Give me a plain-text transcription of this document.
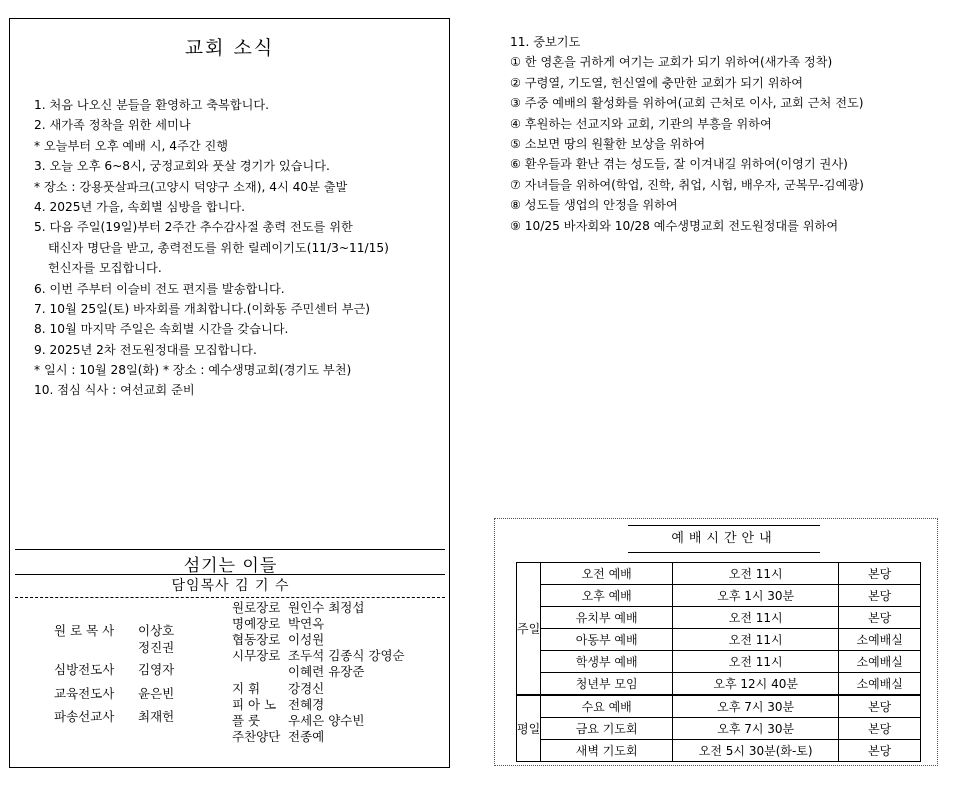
교회 소식
1. 처음 나오신 분들을 환영하고 축복합니다.
2. 새가족 정착을 위한 세미나
* 오늘부터 오후 예배 시, 4주간 진행
3. 오늘 오후 6~8시, 궁정교회와 풋살 경기가 있습니다.
* 장소 : 강용풋살파크(고양시 덕양구 소재), 4시 40분 출발
4. 2025년 가을, 속회별 심방을 합니다.
5. 다음 주일(19일)부터 2주간 추수감사절 총력 전도를 위한
태신자 명단을 받고, 총력전도를 위한 릴레이기도(11/3~11/15)
헌신자를 모집합니다.
6. 이번 주부터 이슬비 전도 편지를 발송합니다.
7. 10월 25일(토) 바자회를 개최합니다.(이화동 주민센터 부근)
8. 10월 마지막 주일은 속회별 시간을 갖습니다.
9. 2025년 2차 전도원정대를 모집합니다.
* 일시 : 10월 28일(화) * 장소 : 예수생명교회(경기도 부천)
10. 점심 식사 : 여선교회 준비
섬기는 이들
담임목사 김 기 수
원 로 목 사 이상호
정진권
심방전도사 김영자
교육전도사 윤은빈
파송선교사 최재헌
원로장로 원인수 최정섭
명예장로 박연옥
협동장로 이성원
시무장로 조두석 김종식 강영순
이혜련 유장준
지 휘 강경신
피 아 노 전혜경
플 룻 우세은 양수빈
주찬양단 전종예
11. 중보기도
① 한 영혼을 귀하게 여기는 교회가 되기 위하여(새가족 정착)
② 구령열, 기도열, 헌신열에 충만한 교회가 되기 위하여
③ 주중 예배의 활성화를 위하여(교회 근처로 이사, 교회 근처 전도)
④ 후원하는 선교지와 교회, 기관의 부흥을 위하여
⑤ 소보면 땅의 원활한 보상을 위하여
⑥ 환우들과 환난 겪는 성도들, 잘 이겨내길 위하여(이영기 권사)
⑦ 자녀들을 위하여(학업, 진학, 취업, 시험, 배우자, 군복무-김예광)
⑧ 성도들 생업의 안정을 위하여
⑨ 10/25 바자회와 10/28 예수생명교회 전도원정대를 위하여
예배시간안내
주일	오전 예배	오전 11시	본당
	오후 예배	오후 1시 30분	본당
	유치부 예배	오전 11시	본당
	아동부 예배	오전 11시	소예배실
	학생부 예배	오전 11시	소예배실
	청년부 모임	오후 12시 40분	소예배실
평일	수요 예배	오후 7시 30분	본당
	금요 기도회	오후 7시 30분	본당
	새벽 기도회	오전 5시 30분(화-토)	본당
